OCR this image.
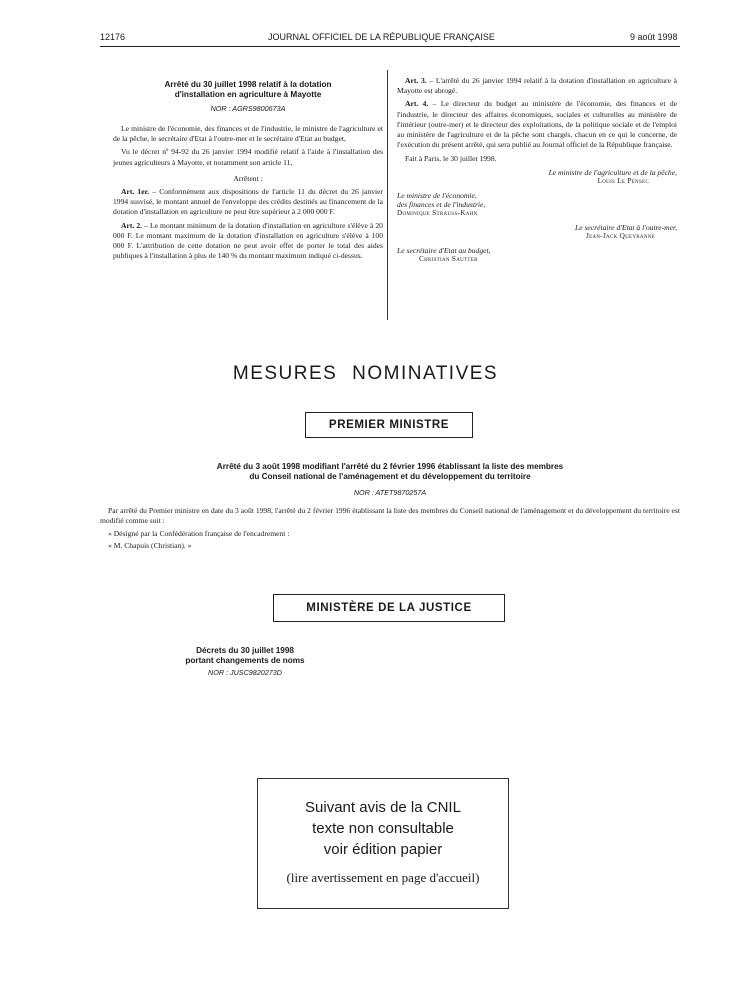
12176	JOURNAL OFFICIEL DE LA RÉPUBLIQUE FRANÇAISE	9 août 1998
Arrêté du 30 juillet 1998 relatif à la dotation
d'installation en agriculture à Mayotte
NOR : AGRS9800673A

Le ministre de l'économie, des finances et de l'industrie, le ministre de l'agriculture et de la pêche, le secrétaire d'Etat à l'outre-mer et le secrétaire d'Etat au budget,

Vu le décret nº 94-92 du 26 janvier 1994 modifié relatif à l'aide à l'installation des jeunes agriculteurs à Mayotte, et notamment son article 11,

Arrêtent :

Art. 1er. – Conformément aux dispositions de l'article 11 du décret du 26 janvier 1994 susvisé, le montant annuel de l'enveloppe des crédits destinés au financement de la dotation d'installation en agriculture ne peut être supérieur à 2 000 000 F.

Art. 2. – Le montant minimum de la dotation d'installation en agriculture s'élève à 20 000 F. Le montant maximum de la dotation d'installation en agriculture s'élève à 100 000 F. L'attribution de cette dotation ne peut avoir effet de porter le total des aides publiques à l'installation à plus de 140 % du montant maximum indiqué ci-dessus.

Art. 3. – L'arrêté du 26 janvier 1994 relatif à la dotation d'installation en agriculture à Mayotte est abrogé.

Art. 4. – Le directeur du budget au ministère de l'économie, des finances et de l'industrie, le directeur des affaires économiques, sociales et culturelles au ministère de l'intérieur (outre-mer) et le directeur des exploitations, de la politique sociale et de l'emploi au ministère de l'agriculture et de la pêche sont chargés, chacun en ce qui le concerne, de l'exécution du présent arrêté, qui sera publié au Journal officiel de la République française.

Fait à Paris, le 30 juillet 1998.

Le ministre de l'agriculture et de la pêche,
Louis Le Pensec
Le ministre de l'économie,
des finances et de l'industrie,
Dominique Strauss-Kahn
Le secrétaire d'Etat à l'outre-mer,
Jean-Jack Queyranne
Le secrétaire d'Etat au budget,
Christian Sautter
MESURES NOMINATIVES
PREMIER MINISTRE
Arrêté du 3 août 1998 modifiant l'arrêté du 2 février 1996 établissant la liste des membres
du Conseil national de l'aménagement et du développement du territoire
NOR : ATET9870257A

Par arrêté du Premier ministre en date du 3 août 1998, l'arrêté du 2 février 1996 établissant la liste des membres du Conseil national de l'aménagement et du développement du territoire est modifié comme suit :

« Désigné par la Confédération française de l'encadrement :

« M. Chapuis (Christian). »

MINISTÈRE DE LA JUSTICE
Décrets du 30 juillet 1998
portant changements de noms
NOR : JUSC9820273D
Suivant avis de la CNIL
texte non consultable
voir édition papier
(lire avertissement en page d'accueil)
